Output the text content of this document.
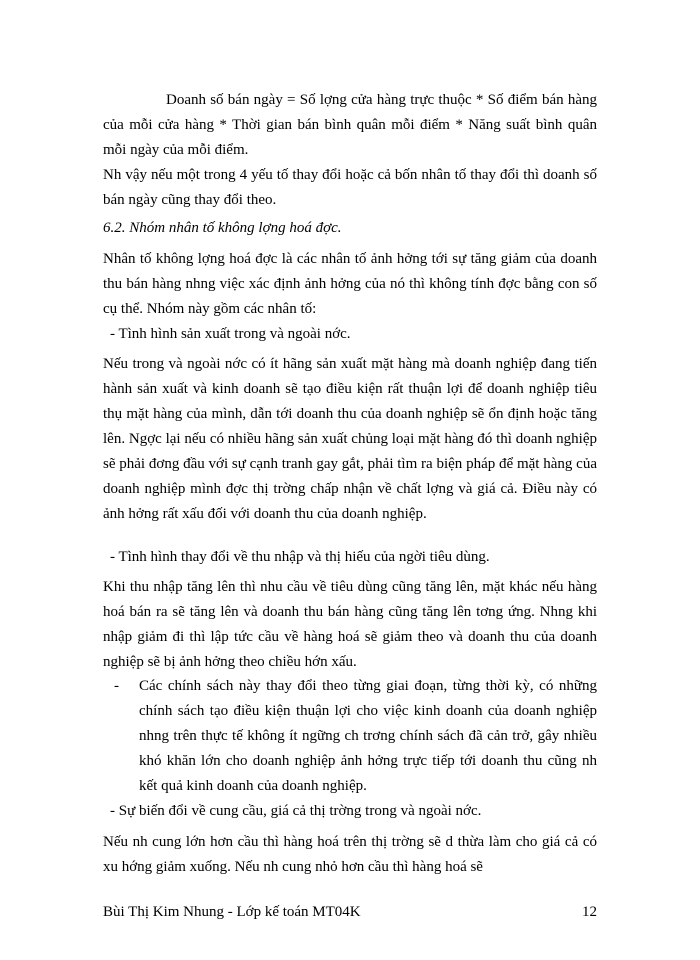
Doanh số bán ngày = Số lợng cửa hàng trực thuộc * Số điểm bán hàng của mỗi cửa hàng * Thời gian bán bình quân mỗi điểm * Năng suất bình quân mỗi ngày của mỗi điểm.

Nh vậy nếu một trong 4 yếu tố thay đổi hoặc cả bốn nhân tố thay đổi thì doanh số bán ngày cũng thay đổi theo.

6.2. Nhóm nhân tố không lợng hoá đợc.

Nhân tố không lợng hoá đợc là các nhân tố ảnh hởng tới sự tăng giảm của doanh thu bán hàng nhng việc xác định ảnh hởng của nó thì không tính đợc bằng con số cụ thể. Nhóm này gồm các nhân tố:

- Tình hình sản xuất trong và ngoài nớc.

Nếu trong và ngoài nớc có ít hãng sản xuất mặt hàng mà doanh nghiệp đang tiến hành sản xuất và kinh doanh sẽ tạo điều kiện rất thuận lợi để doanh nghiệp tiêu thụ mặt hàng của mình, dẫn tới doanh thu của doanh nghiệp sẽ ổn định hoặc tăng lên. Ngợc lại nếu có nhiều hãng sản xuất chủng loại mặt hàng đó thì doanh nghiệp sẽ phải đơng đầu với sự cạnh tranh gay gắt, phải tìm ra biện pháp để mặt hàng của doanh nghiệp mình đợc thị trờng chấp nhận về chất lợng và giá cả. Điều này có ảnh hởng rất xấu đối với doanh thu của doanh nghiệp.

- Tình hình thay đổi về thu nhập và thị hiếu của ngời tiêu dùng.

Khi thu nhập tăng lên thì nhu cầu về tiêu dùng cũng tăng lên, mặt khác nếu hàng hoá bán ra sẽ tăng lên và doanh thu bán hàng cũng tăng lên tơng ứng. Nhng khi nhập giảm đi thì lập tức cầu về hàng hoá sẽ giảm theo và doanh thu của doanh nghiệp sẽ bị ảnh hởng theo chiều hớn xấu.

- Các chính sách này thay đổi theo từng giai đoạn, từng thời kỳ, có những chính sách tạo điều kiện thuận lợi cho việc kinh doanh của doanh nghiệp nhng trên thực tế không ít ngững ch trơng chính sách đã cản trở, gây nhiều khó khăn lớn cho doanh nghiệp ảnh hởng trực tiếp tới doanh thu cũng nh kết quả kinh doanh của doanh nghiệp.

- Sự biến đổi về cung cầu, giá cả thị trờng trong và ngoài nớc.

Nếu nh cung lớn hơn cầu thì hàng hoá trên thị trờng sẽ d thừa làm cho giá cả có xu hớng giảm xuống. Nếu nh cung nhỏ hơn cầu thì hàng hoá sẽ

Bùi Thị Kim Nhung - Lớp kế toán MT04K	12
